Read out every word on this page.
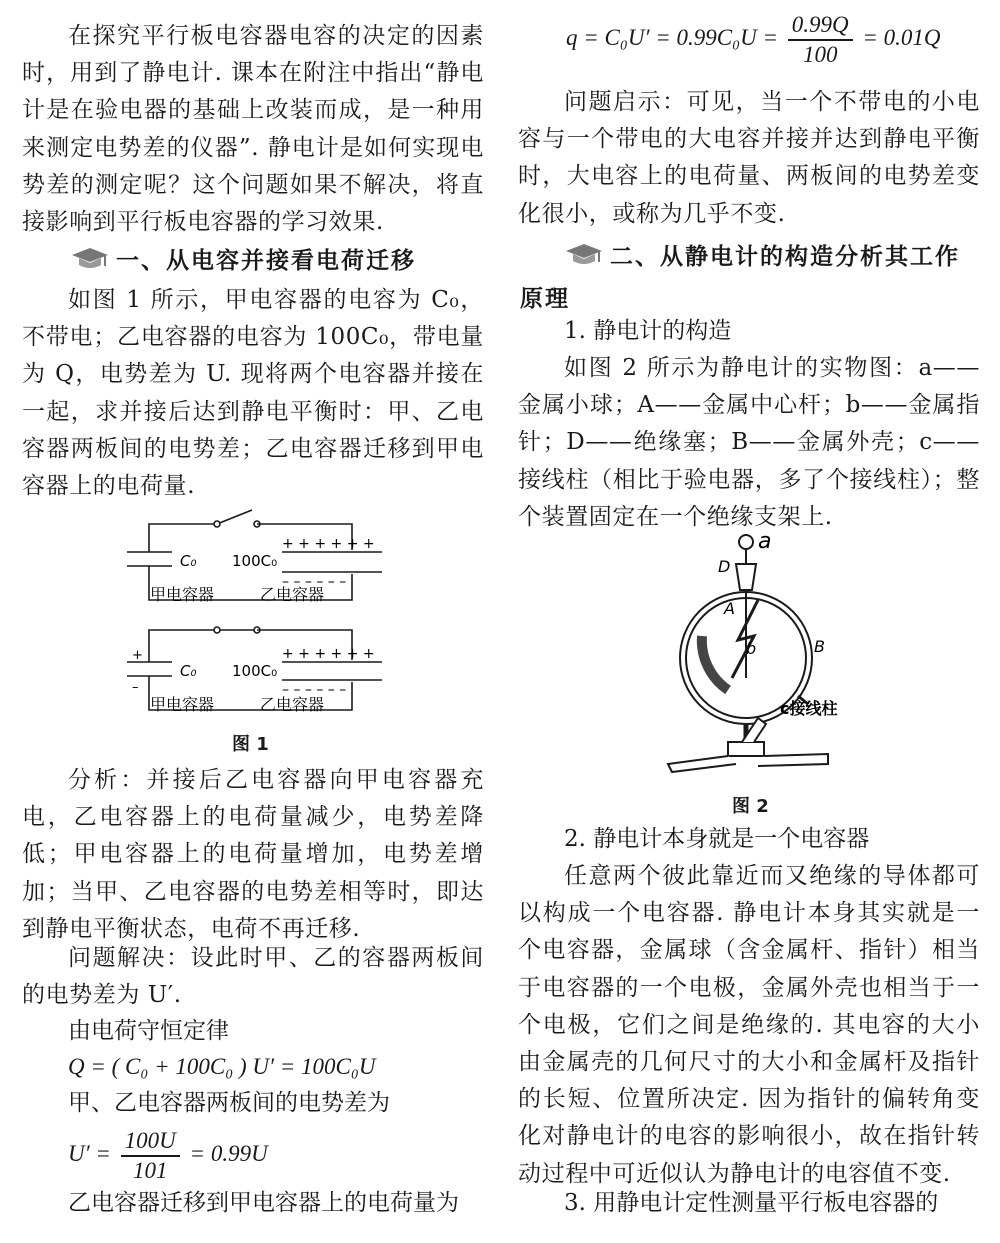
在探究平行板电容器电容的决定的因素时，用到了静电计. 课本在附注中指出“静电计是在验电器的基础上改装而成，是一种用来测定电势差的仪器”. 静电计是如何实现电势差的测定呢？这个问题如果不解决，将直接影响到平行板电容器的学习效果.

一、从电容并接看电荷迁移

如图 1 所示，甲电容器的电容为 C₀，不带电；乙电容器的电容为 100C₀，带电量为 Q，电势差为 U. 现将两个电容器并接在一起，求并接后达到静电平衡时：甲、乙电容器两板间的电势差；乙电容器迁移到甲电容器上的电荷量.

C₀ 100C₀
+ + + + + +
– – – – – –
甲电容器	乙电容器
+
–
C₀ 100C₀
+ + + + + +
– – – – – –
甲电容器	乙电容器
图 1

分析：并接后乙电容器向甲电容器充电，乙电容器上的电荷量减少，电势差降低；甲电容器上的电荷量增加，电势差增加；当甲、乙电容器的电势差相等时，即达到静电平衡状态，电荷不再迁移.

问题解决：设此时甲、乙的容器两板间的电势差为 U′.

由电荷守恒定律
Q = ( C₀ + 100C₀ ) U′ = 100C₀U
甲、乙电容器两板间的电势差为
$U' = \frac{100U}{101} = 0.99U$
乙电容器迁移到甲电容器上的电荷量为
$q = C_0U' = 0.99C_0U = \frac{0.99Q}{100} = 0.01Q$

问题启示：可见，当一个不带电的小电容与一个带电的大电容并接并达到静电平衡时，大电容上的电荷量、两板间的电势差变化很小，或称为几乎不变.

二、从静电计的构造分析其工作
原理
1. 静电计的构造

如图 2 所示为静电计的实物图：a——金属小球；A——金属中心杆；b——金属指针；D——绝缘塞；B——金属外壳；c——接线柱（相比于验电器，多了个接线柱）；整个装置固定在一个绝缘支架上.

a
D
A
b	B
c接线柱
图 2
2. 静电计本身就是一个电容器

任意两个彼此靠近而又绝缘的导体都可以构成一个电容器. 静电计本身其实就是一个电容器，金属球（含金属杆、指针）相当于电容器的一个电极，金属外壳也相当于一个电极，它们之间是绝缘的. 其电容的大小由金属壳的几何尺寸的大小和金属杆及指针的长短、位置所决定. 因为指针的偏转角变化对静电计的电容的影响很小，故在指针转动过程中可近似认为静电计的电容值不变.

3. 用静电计定性测量平行板电容器的
